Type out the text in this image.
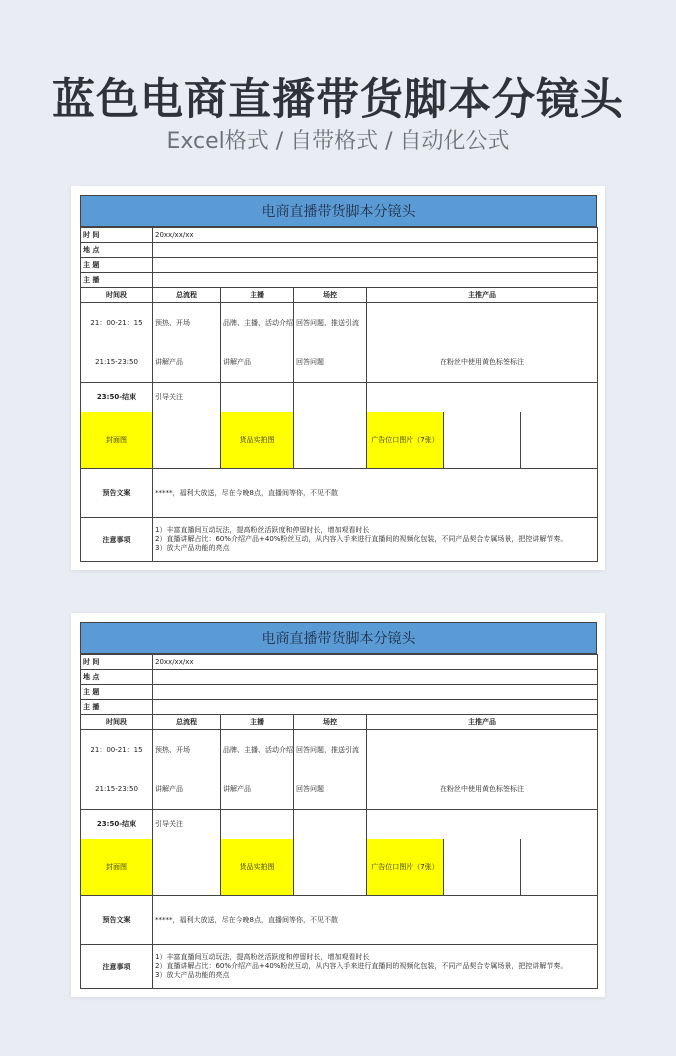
蓝色电商直播带货脚本分镜头
Excel格式 / 自带格式 / 自动化公式
电商直播带货脚本分镜头
时 间	20xx/xx/xx					
地 点						
主 题						
主 播						
时间段	总流程	主播	场控	主推产品		
21：00-21：15	预热、开场	品牌、主播、活动介绍	回答问题，推送引流			
21:15-23:50	讲解产品	讲解产品	回答问题	在粉丝中使用黄色标签标注		
23:50-结束	引导关注					
封面图		货品实拍图		广告位口图片（7张）		
预告文案	*****，福利大放送，尽在今晚8点，直播间等你，不见不散					
注意事项	1）丰富直播间互动玩法，提高粉丝活跃度和停留时长，增加观看时长
2）直播讲解占比：60%介绍产品+40%粉丝互动，从内容入手来进行直播间的视频化包装，不同产品契合专属场景，把控讲解节奏。
3）放大产品功能的亮点					
电商直播带货脚本分镜头
时 间	20xx/xx/xx					
地 点						
主 题						
主 播						
时间段	总流程	主播	场控	主推产品		
21：00-21：15	预热、开场	品牌、主播、活动介绍	回答问题，推送引流			
21:15-23:50	讲解产品	讲解产品	回答问题	在粉丝中使用黄色标签标注		
23:50-结束	引导关注					
封面图		货品实拍图		广告位口图片（7张）		
预告文案	*****，福利大放送，尽在今晚8点，直播间等你，不见不散					
注意事项	1）丰富直播间互动玩法，提高粉丝活跃度和停留时长，增加观看时长
2）直播讲解占比：60%介绍产品+40%粉丝互动，从内容入手来进行直播间的视频化包装，不同产品契合专属场景，把控讲解节奏。
3）放大产品功能的亮点					
